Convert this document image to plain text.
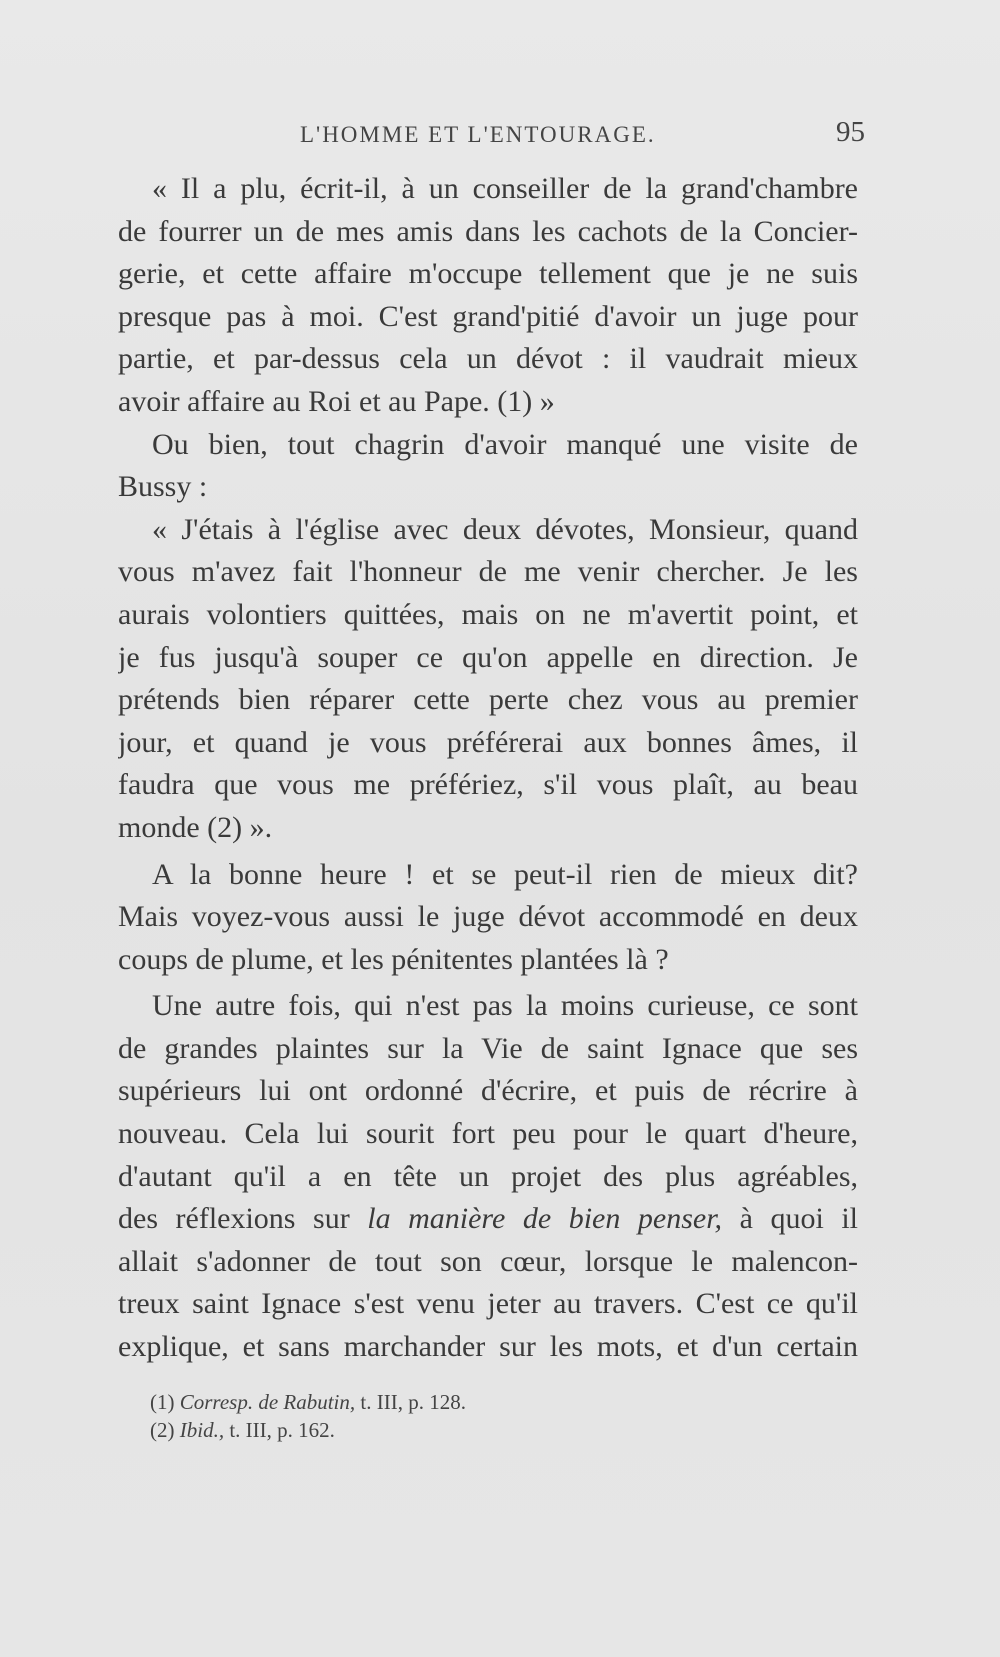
L'HOMME ET L'ENTOURAGE.	95
« Il a plu, écrit-il, à un conseiller de la grand'chambre
de fourrer un de mes amis dans les cachots de la Concier-
gerie, et cette affaire m'occupe tellement que je ne suis
presque pas à moi. C'est grand'pitié d'avoir un juge pour
partie, et par-dessus cela un dévot : il vaudrait mieux
avoir affaire au Roi et au Pape. (1) »
Ou bien, tout chagrin d'avoir manqué une visite de
Bussy :
« J'étais à l'église avec deux dévotes, Monsieur, quand
vous m'avez fait l'honneur de me venir chercher. Je les
aurais volontiers quittées, mais on ne m'avertit point, et
je fus jusqu'à souper ce qu'on appelle en direction. Je
prétends bien réparer cette perte chez vous au premier
jour, et quand je vous préférerai aux bonnes âmes, il
faudra que vous me préfériez, s'il vous plaît, au beau
monde (2) ».
A la bonne heure ! et se peut-il rien de mieux dit?
Mais voyez-vous aussi le juge dévot accommodé en deux
coups de plume, et les pénitentes plantées là ?
Une autre fois, qui n'est pas la moins curieuse, ce sont
de grandes plaintes sur la Vie de saint Ignace que ses
supérieurs lui ont ordonné d'écrire, et puis de récrire à
nouveau. Cela lui sourit fort peu pour le quart d'heure,
d'autant qu'il a en tête un projet des plus agréables,
des réflexions sur la manière de bien penser, à quoi il
allait s'adonner de tout son cœur, lorsque le malencon-
treux saint Ignace s'est venu jeter au travers. C'est ce qu'il
explique, et sans marchander sur les mots, et d'un certain
(1) Corresp. de Rabutin, t. III, p. 128.
(2) Ibid., t. III, p. 162.
